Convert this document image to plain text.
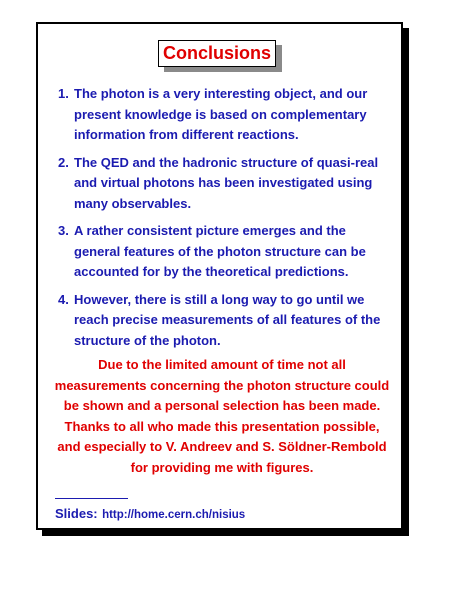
Conclusions
1. The photon is a very interesting object, and our
present knowledge is based on complementary
information from different reactions.
2. The QED and the hadronic structure of quasi-real
and virtual photons has been investigated using
many observables.
3. A rather consistent picture emerges and the
general features of the photon structure can be
accounted for by the theoretical predictions.
4. However, there is still a long way to go until we
reach precise measurements of all features of the
structure of the photon.
Due to the limited amount of time not all
measurements concerning the photon structure could
be shown and a personal selection has been made.
Thanks to all who made this presentation possible,
and especially to V. Andreev and S. Söldner-Rembold
for providing me with figures.
Slides: http://home.cern.ch/nisius
